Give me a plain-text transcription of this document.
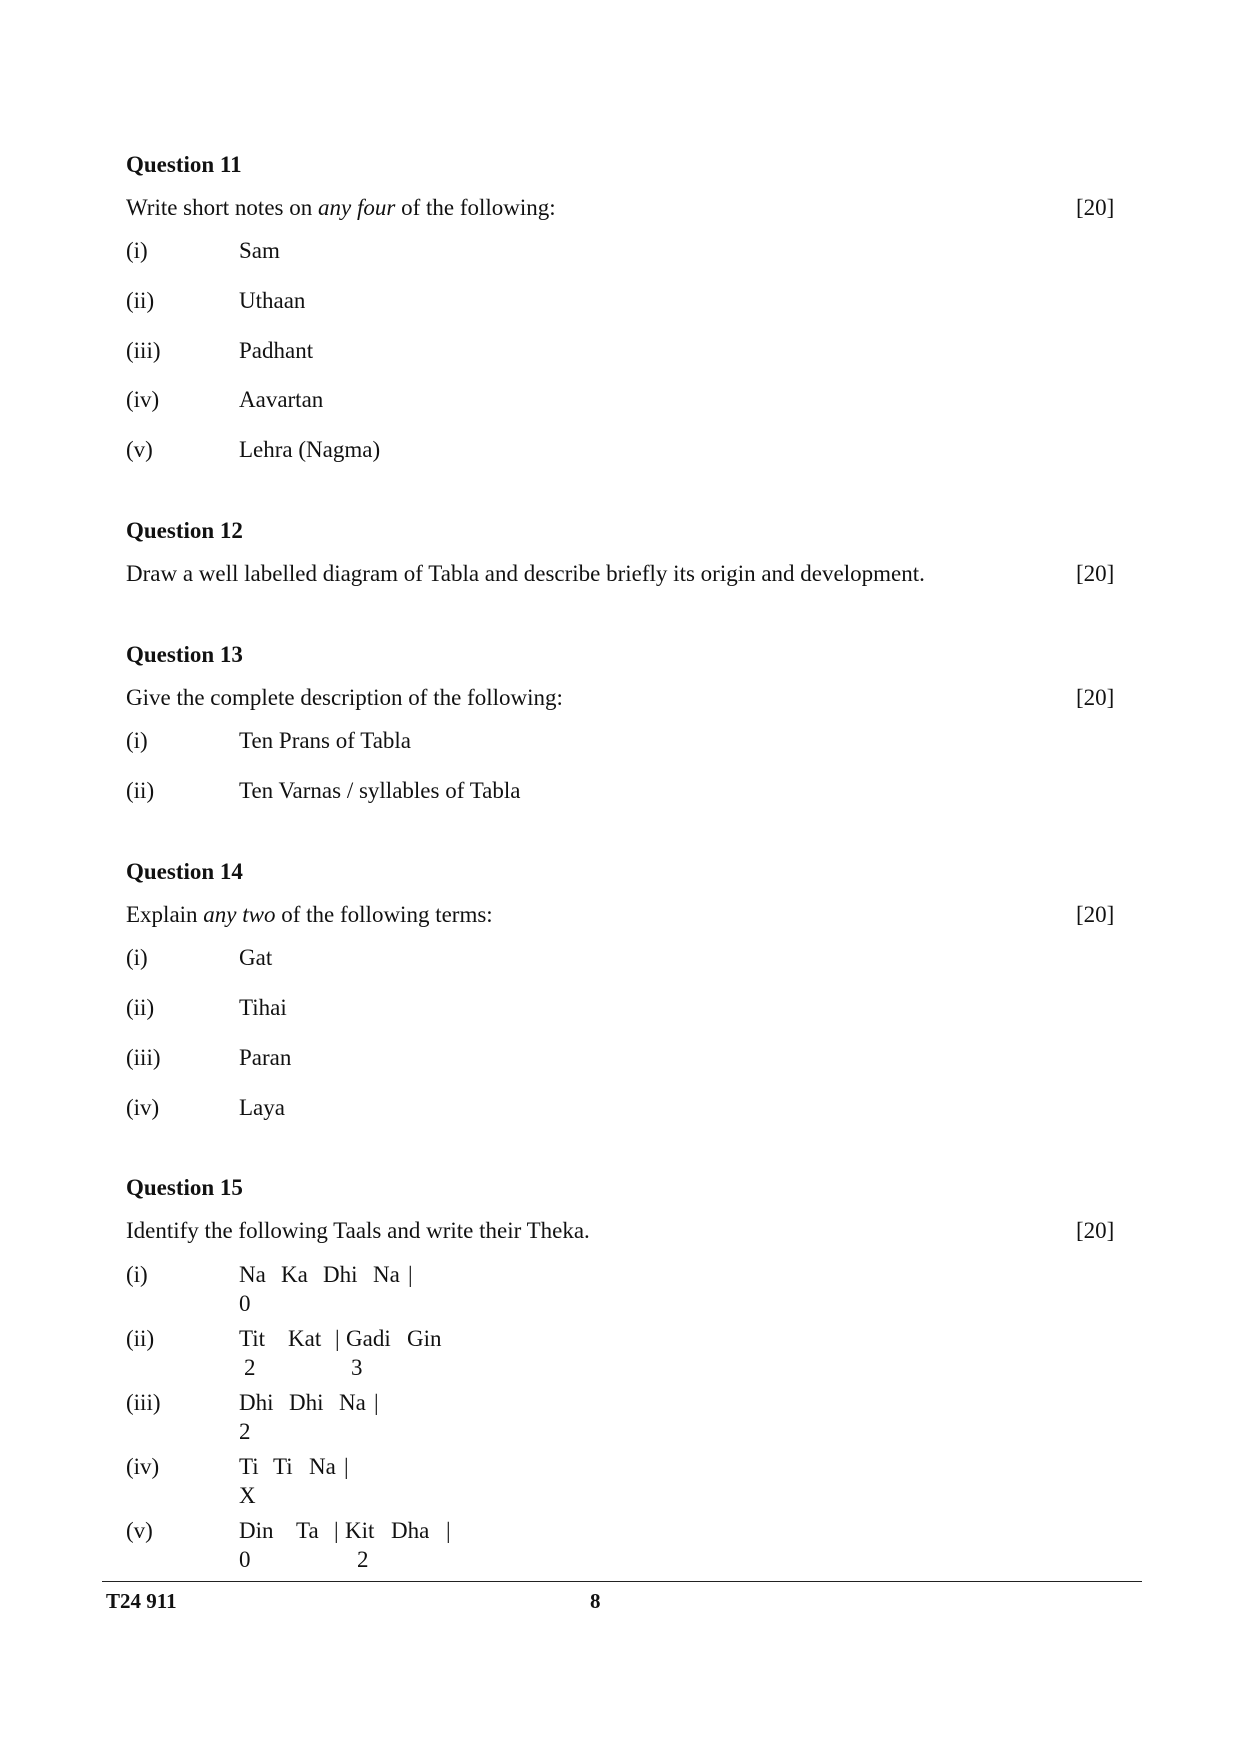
Question 11
Write short notes on any four of the following:	[20]
(i)	Sam
(ii)	Uthaan
(iii)	Padhant
(iv)	Aavartan
(v)	Lehra (Nagma)
Question 12
Draw a well labelled diagram of Tabla and describe briefly its origin and development.	[20]
Question 13
Give the complete description of the following:	[20]
(i)	Ten Prans of Tabla
(ii)	Ten Varnas / syllables of Tabla
Question 14
Explain any two of the following terms:	[20]
(i)	Gat
(ii)	Tihai
(iii)	Paran
(iv)	Laya
Question 15
Identify the following Taals and write their Theka.	[20]
(i)	Na Ka Dhi Na |
0
(ii)	Tit Kat | Gadi Gin
2	3
(iii)	Dhi Dhi Na |
2
(iv)	Ti Ti Na |
X
(v)	Din Ta | Kit Dha |
0	2
T24 911	8
